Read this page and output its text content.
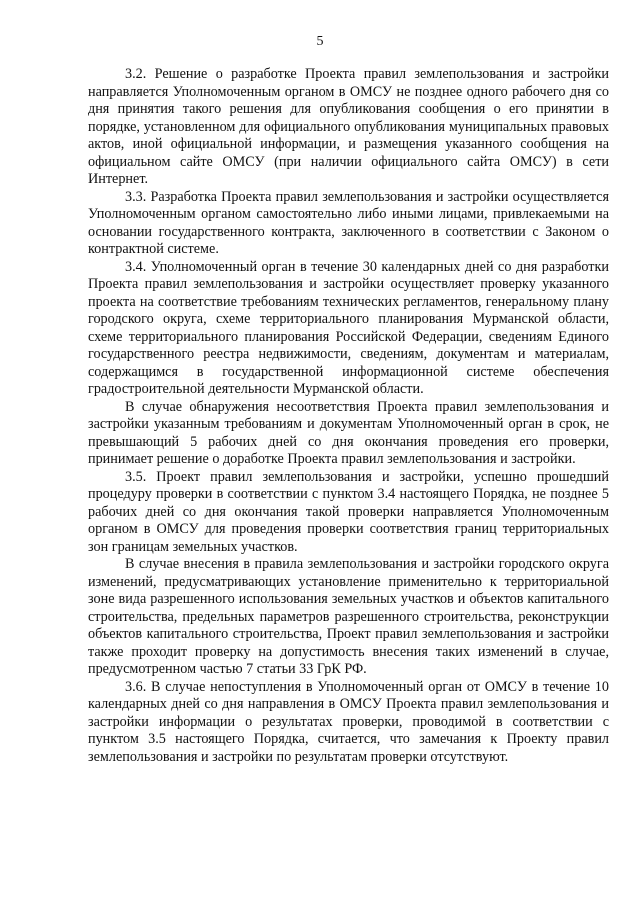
5

3.2. Решение о разработке Проекта правил землепользования и застройки направляется Уполномоченным органом в ОМСУ не позднее одного рабочего дня со дня принятия такого решения для опубликования сообщения о его принятии в порядке, установленном для официального опубликования муниципальных правовых актов, иной официальной информации, и размещения указанного сообщения на официальном сайте ОМСУ (при наличии официального сайта ОМСУ) в сети Интернет.

3.3. Разработка Проекта правил землепользования и застройки осуществляется Уполномоченным органом самостоятельно либо иными лицами, привлекаемыми на основании государственного контракта, заключенного в соответствии с Законом о контрактной системе.

3.4. Уполномоченный орган в течение 30 календарных дней со дня разработки Проекта правил землепользования и застройки осуществляет проверку указанного проекта на соответствие требованиям технических регламентов, генеральному плану городского округа, схеме территориального планирования Мурманской области, схеме территориального планирования Российской Федерации, сведениям Единого государственного реестра недвижимости, сведениям, документам и материалам, содержащимся в государственной информационной системе обеспечения градостроительной деятельности Мурманской области.

В случае обнаружения несоответствия Проекта правил землепользования и застройки указанным требованиям и документам Уполномоченный орган в срок, не превышающий 5 рабочих дней со дня окончания проведения его проверки, принимает решение о доработке Проекта правил землепользования и застройки.

3.5. Проект правил землепользования и застройки, успешно прошедший процедуру проверки в соответствии с пунктом 3.4 настоящего Порядка, не позднее 5 рабочих дней со дня окончания такой проверки направляется Уполномоченным органом в ОМСУ для проведения проверки соответствия границ территориальных зон границам земельных участков.

В случае внесения в правила землепользования и застройки городского округа изменений, предусматривающих установление применительно к территориальной зоне вида разрешенного использования земельных участков и объектов капитального строительства, предельных параметров разрешенного строительства, реконструкции объектов капитального строительства, Проект правил землепользования и застройки также проходит проверку на допустимость внесения таких изменений в случае, предусмотренном частью 7 статьи 33 ГрК РФ.

3.6. В случае непоступления в Уполномоченный орган от ОМСУ в течение 10 календарных дней со дня направления в ОМСУ Проекта правил землепользования и застройки информации о результатах проверки, проводимой в соответствии с пунктом 3.5 настоящего Порядка, считается, что замечания к Проекту правил землепользования и застройки по результатам проверки отсутствуют.
